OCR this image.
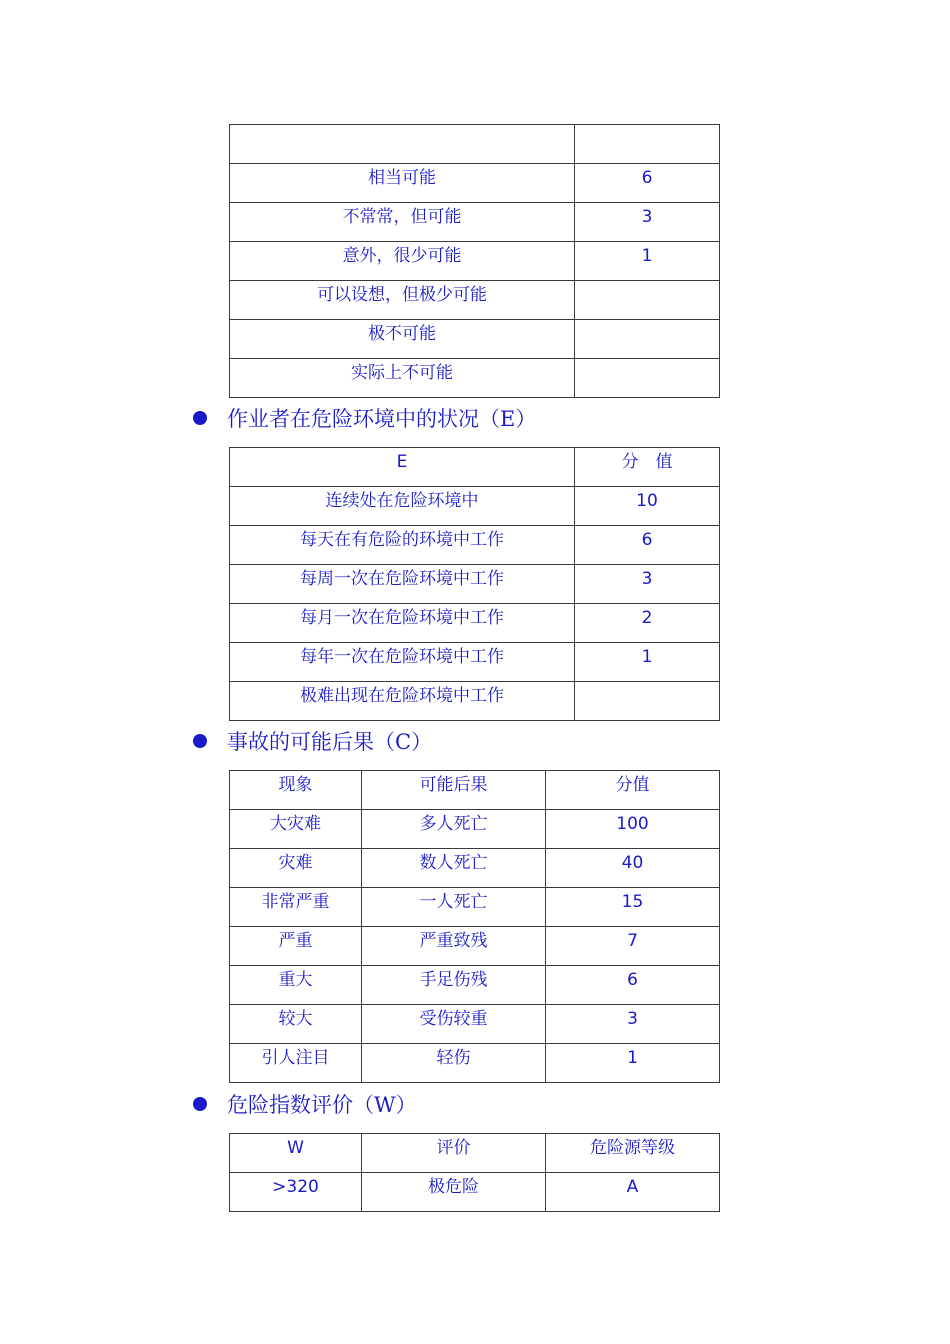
相当可能	6
不常常，但可能	3
意外，很少可能	1
可以设想，但极少可能	
极不可能	
实际上不可能	
作业者在危险环境中的状况（E）
E	分　值
连续处在危险环境中	10
每天在有危险的环境中工作	6
每周一次在危险环境中工作	3
每月一次在危险环境中工作	2
每年一次在危险环境中工作	1
极难出现在危险环境中工作	
事故的可能后果（C）
现象	可能后果	分值
大灾难	多人死亡	100
灾难	数人死亡	40
非常严重	一人死亡	15
严重	严重致残	7
重大	手足伤残	6
较大	受伤较重	3
引人注目	轻伤	1
危险指数评价（W）
W	评价	危险源等级
>320	极危险	A
